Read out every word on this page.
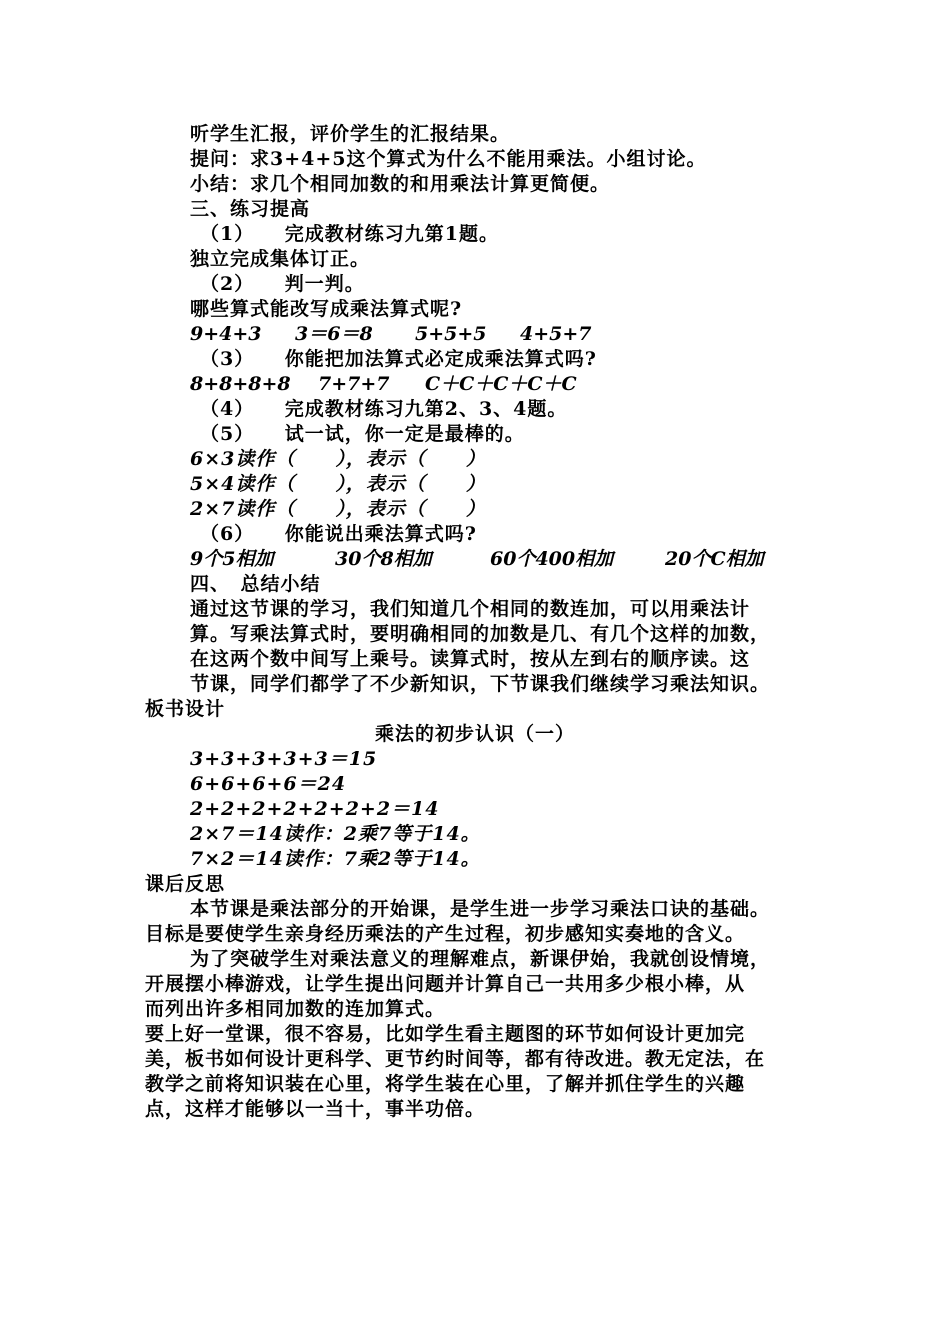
听学生汇报，评价学生的汇报结果。
提问：求3+4+5这个算式为什么不能用乘法。小组讨论。
小结：求几个相同加数的和用乘法计算更简便。
三、练习提高
（1）　　完成教材练习九第1题。
独立完成集体订正。
（2）　　判一判。
哪些算式能改写成乘法算式呢?
9+4+3 3＝6＝8 5+5+5 4+5+7
（3）　　你能把加法算式必定成乘法算式吗?
8+8+8+8 7+7+7 C＋C＋C＋C＋C
（4）　　完成教材练习九第2、3、4题。
（5）　　试一试，你一定是最棒的。
6×3读作（　　），表示（　　）
5×4读作（　　），表示（　　）
2×7读作（　　），表示（　　）
（6）　　你能说出乘法算式吗?
9个5相加	30个8相加	60个400相加	20个C相加
四、　总结小结
通过这节课的学习，我们知道几个相同的数连加，可以用乘法计
算。写乘法算式时，要明确相同的加数是几、有几个这样的加数，
在这两个数中间写上乘号。读算式时，按从左到右的顺序读。这
节课，同学们都学了不少新知识，下节课我们继续学习乘法知识。
板书设计
乘法的初步认识（一）
3+3+3+3+3＝15
6+6+6+6＝24
2+2+2+2+2+2+2＝14
2×7＝14读作：2乘7等于14。
7×2＝14读作：7乘2等于14。
课后反思
本节课是乘法部分的开始课，是学生进一步学习乘法口诀的基础。
目标是要使学生亲身经历乘法的产生过程，初步感知实奏地的含义。
为了突破学生对乘法意义的理解难点，新课伊始，我就创设情境，
开展摆小棒游戏，让学生提出问题并计算自己一共用多少根小棒，从
而列出许多相同加数的连加算式。
要上好一堂课，很不容易，比如学生看主题图的环节如何设计更加完
美，板书如何设计更科学、更节约时间等，都有待改进。教无定法，在
教学之前将知识装在心里，将学生装在心里，了解并抓住学生的兴趣
点，这样才能够以一当十，事半功倍。
